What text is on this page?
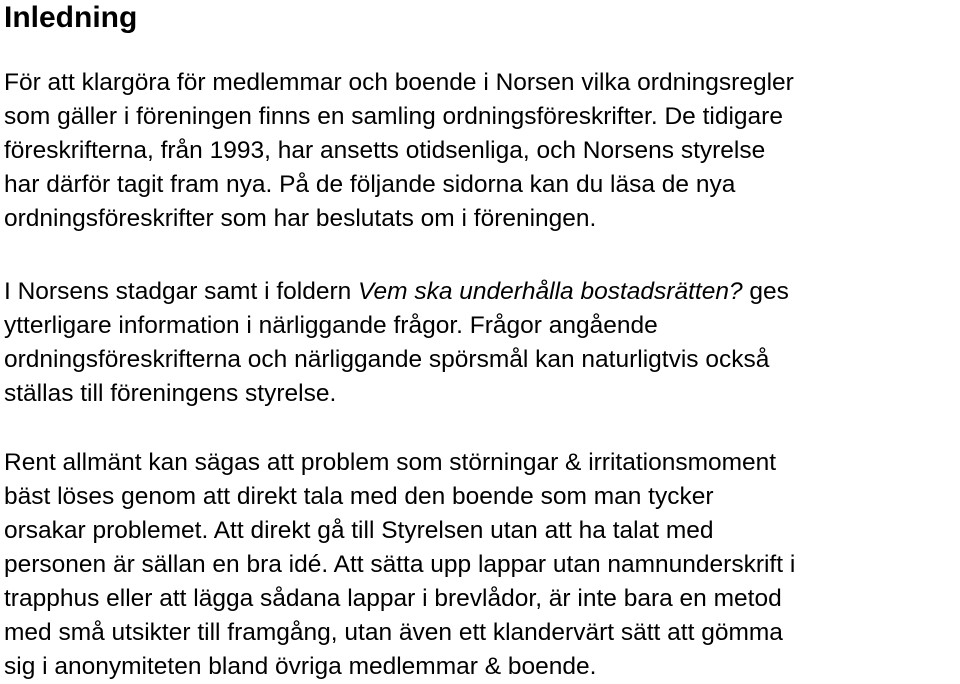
Inledning
För att klargöra för medlemmar och boende i Norsen vilka ordningsregler
som gäller i föreningen finns en samling ordningsföreskrifter. De tidigare
föreskrifterna, från 1993, har ansetts otidsenliga, och Norsens styrelse
har därför tagit fram nya. På de följande sidorna kan du läsa de nya
ordningsföreskrifter som har beslutats om i föreningen.
I Norsens stadgar samt i foldern Vem ska underhålla bostadsrätten? ges
ytterligare information i närliggande frågor. Frågor angående
ordningsföreskrifterna och närliggande spörsmål kan naturligtvis också
ställas till föreningens styrelse.
Rent allmänt kan sägas att problem som störningar & irritationsmoment
bäst löses genom att direkt tala med den boende som man tycker
orsakar problemet. Att direkt gå till Styrelsen utan att ha talat med
personen är sällan en bra idé. Att sätta upp lappar utan namnunderskrift i
trapphus eller att lägga sådana lappar i brevlådor, är inte bara en metod
med små utsikter till framgång, utan även ett klandervärt sätt att gömma
sig i anonymiteten bland övriga medlemmar & boende.
